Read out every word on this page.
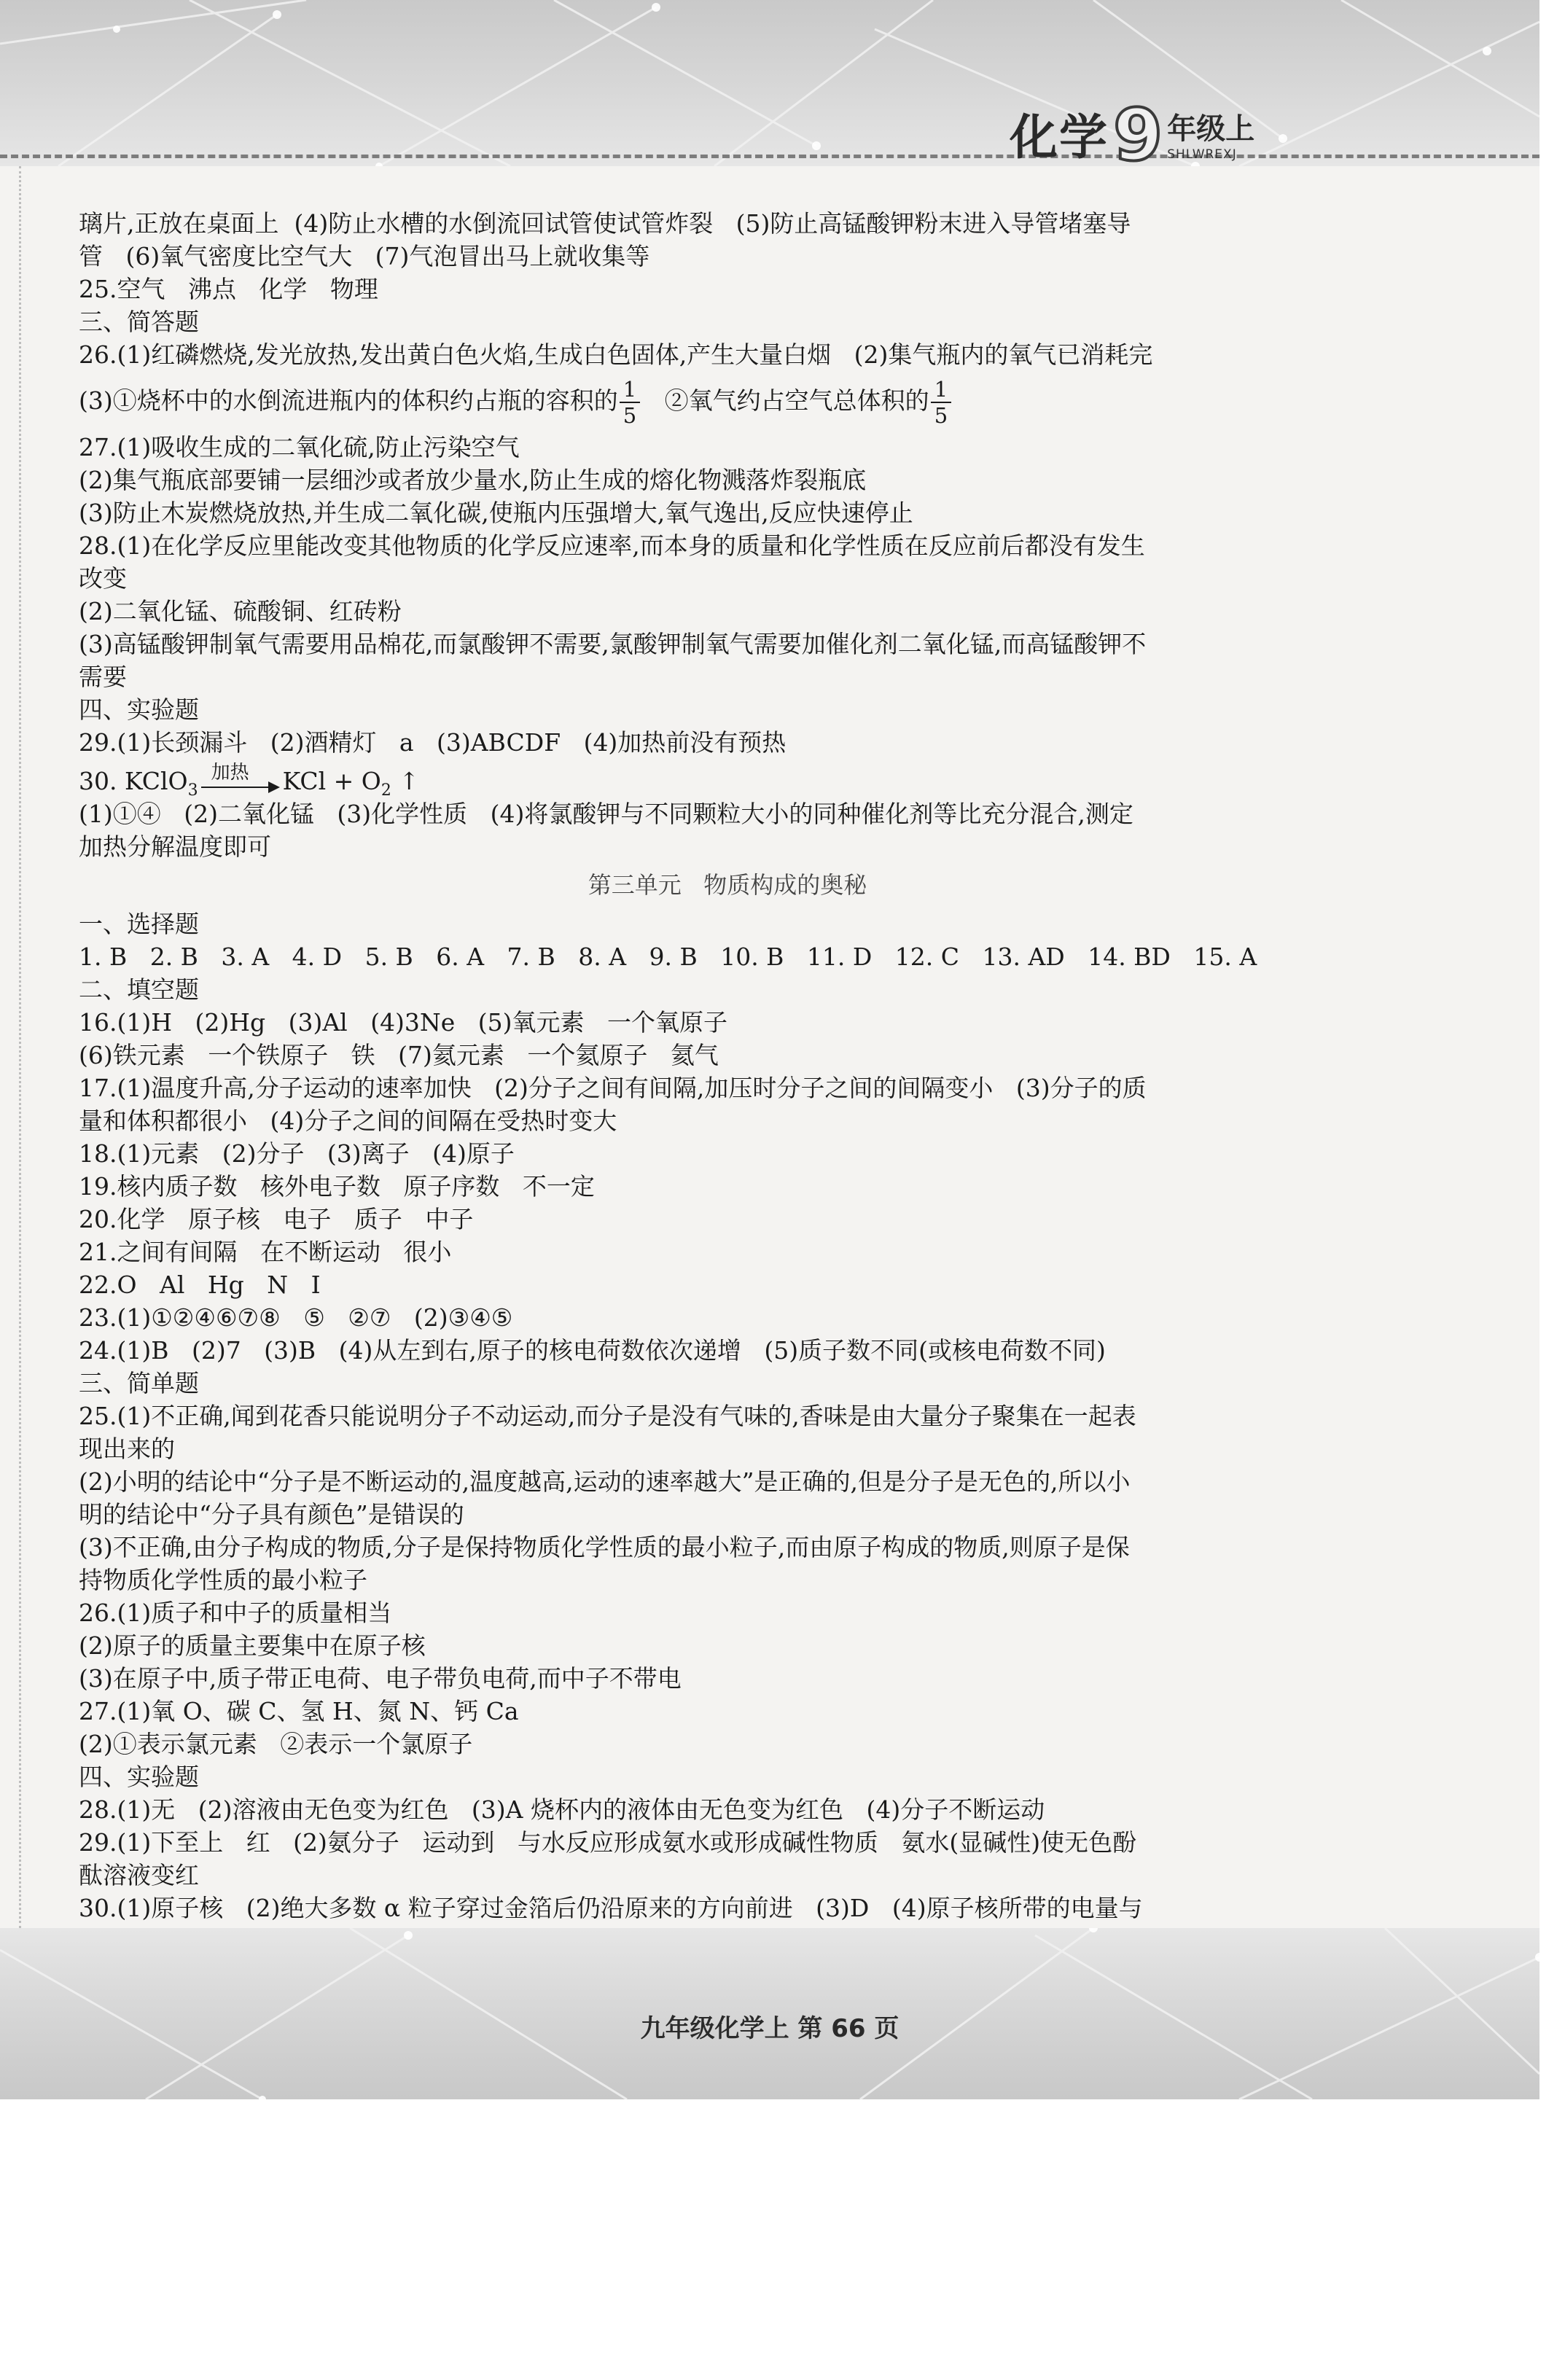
化学 9 年级上
SHLWREXJ
璃片,正放在桌面上  (4)防止水槽的水倒流回试管使试管炸裂   (5)防止高锰酸钾粉末进入导管堵塞导
管   (6)氧气密度比空气大   (7)气泡冒出马上就收集等
25.空气   沸点   化学   物理
三、简答题
26.(1)红磷燃烧,发光放热,发出黄白色火焰,生成白色固体,产生大量白烟   (2)集气瓶内的氧气已消耗完
(3)①烧杯中的水倒流进瓶内的体积约占瓶的容积的 $\frac{1}{5}$ ②氧气约占空气总体积的 $\frac{1}{5}$
27.(1)吸收生成的二氧化硫,防止污染空气
(2)集气瓶底部要铺一层细沙或者放少量水,防止生成的熔化物溅落炸裂瓶底
(3)防止木炭燃烧放热,并生成二氧化碳,使瓶内压强增大,氧气逸出,反应快速停止
28.(1)在化学反应里能改变其他物质的化学反应速率,而本身的质量和化学性质在反应前后都没有发生
改变
(2)二氧化锰、硫酸铜、红砖粉
(3)高锰酸钾制氧气需要用品棉花,而氯酸钾不需要,氯酸钾制氧气需要加催化剂二氧化锰,而高锰酸钾不
需要
四、实验题
29.(1)长颈漏斗   (2)酒精灯   a   (3)ABCDF   (4)加热前没有预热
30. KClO$_3$
加热 KCl + $O_2$ ↑
(1)①④   (2)二氧化锰   (3)化学性质   (4)将氯酸钾与不同颗粒大小的同种催化剂等比充分混合,测定
加热分解温度即可
第三单元   物质构成的奥秘
一、选择题
1. B   2. B   3. A   4. D   5. B   6. A   7. B   8. A   9. B   10. B   11. D   12. C   13. AD   14. BD   15. A
二、填空题
16.(1)H   (2)Hg   (3)Al   (4)3Ne   (5)氧元素   一个氧原子
(6)铁元素   一个铁原子   铁   (7)氦元素   一个氦原子   氦气
17.(1)温度升高,分子运动的速率加快   (2)分子之间有间隔,加压时分子之间的间隔变小   (3)分子的质
量和体积都很小   (4)分子之间的间隔在受热时变大
18.(1)元素   (2)分子   (3)离子   (4)原子
19.核内质子数   核外电子数   原子序数   不一定
20.化学   原子核   电子   质子   中子
21.之间有间隔   在不断运动   很小
22.O   Al   Hg   N   I
23.(1)①②④⑥⑦⑧   ⑤   ②⑦   (2)③④⑤
24.(1)B   (2)7   (3)B   (4)从左到右,原子的核电荷数依次递增   (5)质子数不同(或核电荷数不同)
三、简单题
25.(1)不正确,闻到花香只能说明分子不动运动,而分子是没有气味的,香味是由大量分子聚集在一起表
现出来的
(2)小明的结论中“分子是不断运动的,温度越高,运动的速率越大”是正确的,但是分子是无色的,所以小
明的结论中“分子具有颜色”是错误的
(3)不正确,由分子构成的物质,分子是保持物质化学性质的最小粒子,而由原子构成的物质,则原子是保
持物质化学性质的最小粒子
26.(1)质子和中子的质量相当
(2)原子的质量主要集中在原子核
(3)在原子中,质子带正电荷、电子带负电荷,而中子不带电
27.(1)氧 O、碳 C、氢 H、氮 N、钙 Ca
(2)①表示氯元素   ②表示一个氯原子
四、实验题
28.(1)无   (2)溶液由无色变为红色   (3)A 烧杯内的液体由无色变为红色   (4)分子不断运动
29.(1)下至上   红   (2)氨分子   运动到   与水反应形成氨水或形成碱性物质   氨水(显碱性)使无色酚
酞溶液变红
30.(1)原子核   (2)绝大多数 α 粒子穿过金箔后仍沿原来的方向前进   (3)D   (4)原子核所带的电量与
九年级化学上 第 66 页
